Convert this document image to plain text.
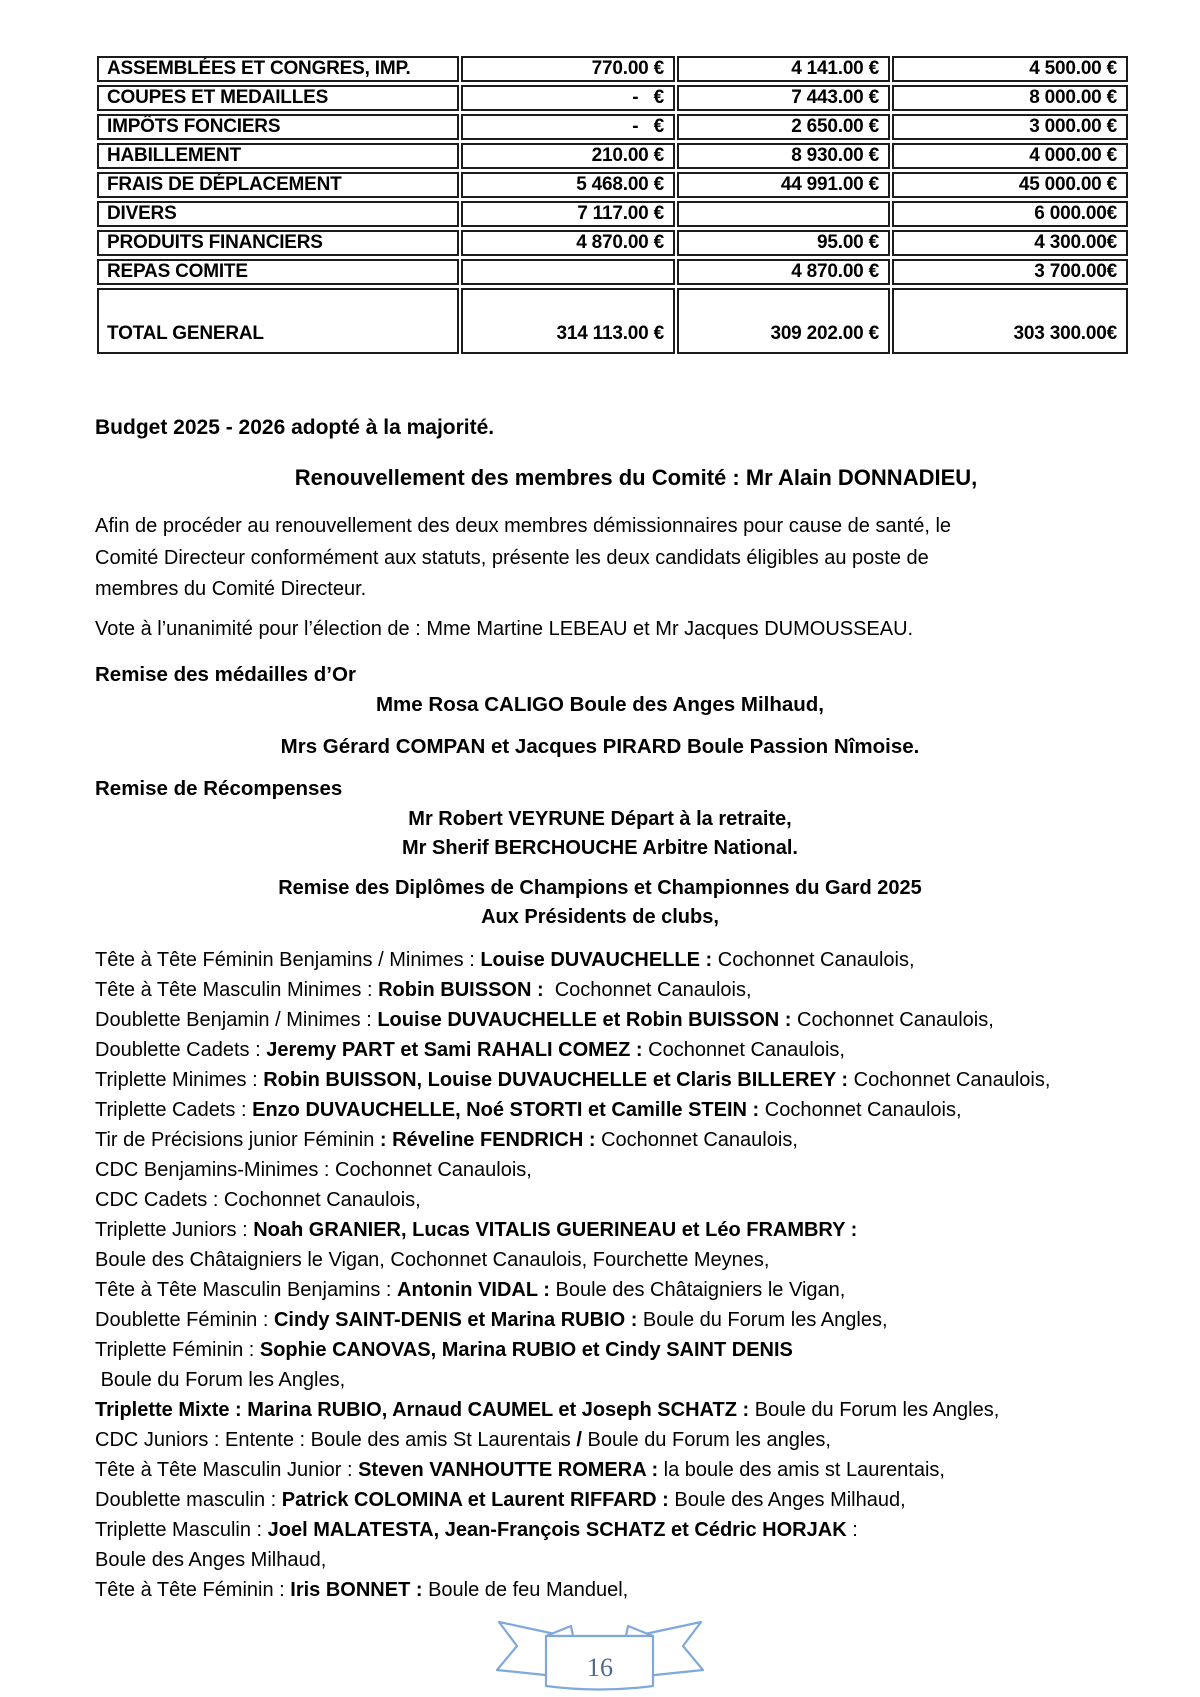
ASSEMBLÉES ET CONGRES, IMP.	770.00 €	4 141.00 €	4 500.00 €
COUPES ET MEDAILLES	-   €	7 443.00 €	8 000.00 €
IMPÔTS FONCIERS	-   €	2 650.00 €	3 000.00 €
HABILLEMENT	210.00 €	8 930.00 €	4 000.00 €
FRAIS DE DÉPLACEMENT	5 468.00 €	44 991.00 €	45 000.00 €
DIVERS	7 117.00 €		6 000.00€
PRODUITS FINANCIERS	4 870.00 €	95.00 €	4 300.00€
REPAS COMITE		4 870.00 €	3 700.00€
TOTAL GENERAL	314 113.00 €	309 202.00 €	303 300.00€
Budget 2025 - 2026 adopté à la majorité.
Renouvellement des membres du Comité : Mr Alain DONNADIEU,
Afin de procéder au renouvellement des deux membres démissionnaires pour cause de santé, le
Comité Directeur conformément aux statuts, présente les deux candidats éligibles au poste de
membres du Comité Directeur.
Vote à l’unanimité pour l’élection de : Mme Martine LEBEAU et Mr Jacques DUMOUSSEAU.
Remise des médailles d’Or
Mme Rosa CALIGO Boule des Anges Milhaud,
Mrs Gérard COMPAN et Jacques PIRARD Boule Passion Nîmoise.
Remise de Récompenses
Mr Robert VEYRUNE Départ à la retraite,
Mr Sherif BERCHOUCHE Arbitre National.
Remise des Diplômes de Champions et Championnes du Gard 2025
Aux Présidents de clubs,
Tête à Tête Féminin Benjamins / Minimes : Louise DUVAUCHELLE : Cochonnet Canaulois,
Tête à Tête Masculin Minimes : Robin BUISSON :  Cochonnet Canaulois,
Doublette Benjamin / Minimes : Louise DUVAUCHELLE et Robin BUISSON : Cochonnet Canaulois,
Doublette Cadets : Jeremy PART et Sami RAHALI COMEZ : Cochonnet Canaulois,
Triplette Minimes : Robin BUISSON, Louise DUVAUCHELLE et Claris BILLEREY : Cochonnet Canaulois,
Triplette Cadets : Enzo DUVAUCHELLE, Noé STORTI et Camille STEIN : Cochonnet Canaulois,
Tir de Précisions junior Féminin : Réveline FENDRICH : Cochonnet Canaulois,
CDC Benjamins-Minimes : Cochonnet Canaulois,
CDC Cadets : Cochonnet Canaulois,
Triplette Juniors : Noah GRANIER, Lucas VITALIS GUERINEAU et Léo FRAMBRY :
Boule des Châtaigniers le Vigan, Cochonnet Canaulois, Fourchette Meynes,
Tête à Tête Masculin Benjamins : Antonin VIDAL : Boule des Châtaigniers le Vigan,
Doublette Féminin : Cindy SAINT-DENIS et Marina RUBIO : Boule du Forum les Angles,
Triplette Féminin : Sophie CANOVAS, Marina RUBIO et Cindy SAINT DENIS
Boule du Forum les Angles,
Triplette Mixte : Marina RUBIO, Arnaud CAUMEL et Joseph SCHATZ : Boule du Forum les Angles,
CDC Juniors : Entente : Boule des amis St Laurentais / Boule du Forum les angles,
Tête à Tête Masculin Junior : Steven VANHOUTTE ROMERA : la boule des amis st Laurentais,
Doublette masculin : Patrick COLOMINA et Laurent RIFFARD : Boule des Anges Milhaud,
Triplette Masculin : Joel MALATESTA, Jean-François SCHATZ et Cédric HORJAK :
Boule des Anges Milhaud,
Tête à Tête Féminin : Iris BONNET : Boule de feu Manduel,
16
